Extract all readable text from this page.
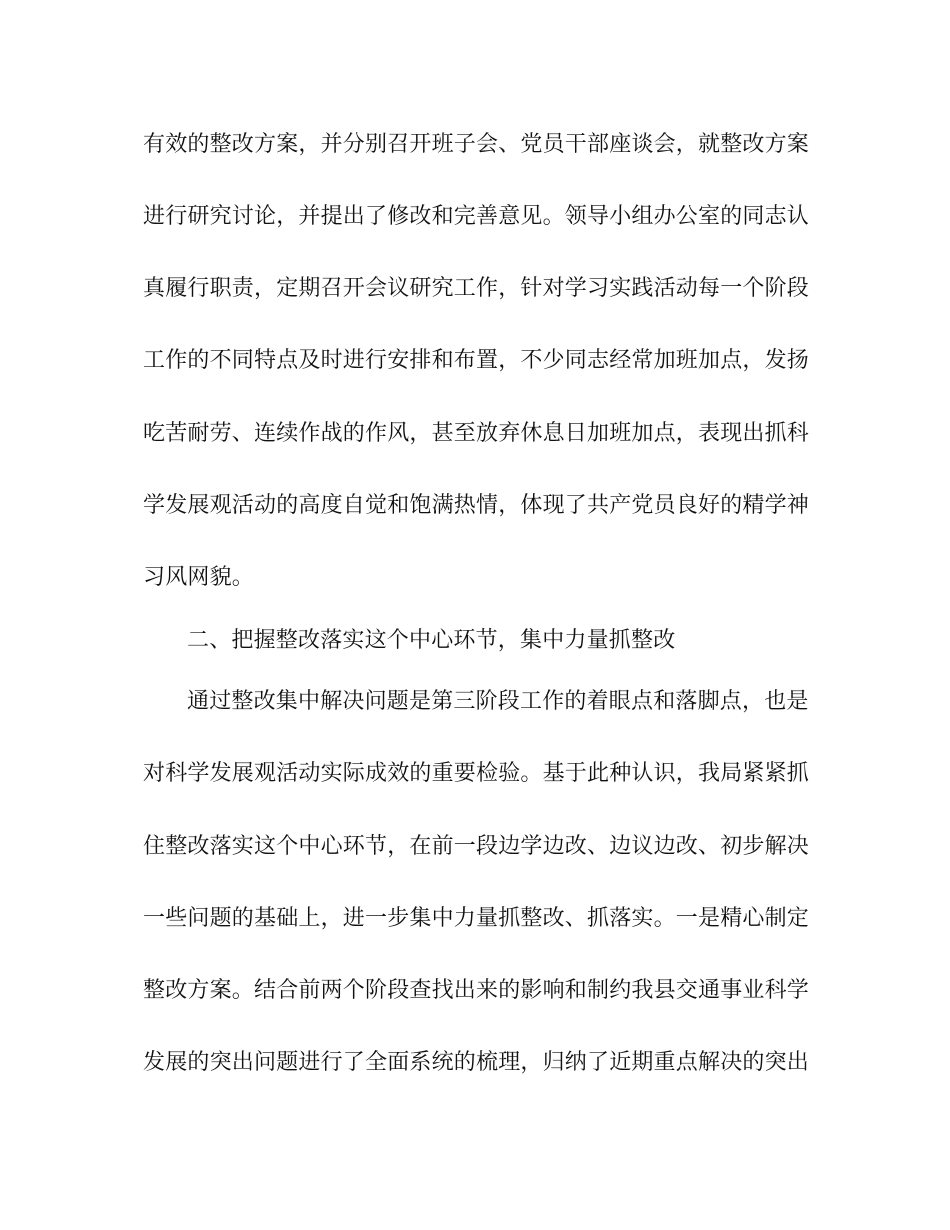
有效的整改方案，并分别召开班子会、党员干部座谈会，就整改方案
进行研究讨论，并提出了修改和完善意见。领导小组办公室的同志认
真履行职责，定期召开会议研究工作，针对学习实践活动每一个阶段
工作的不同特点及时进行安排和布置，不少同志经常加班加点，发扬
吃苦耐劳、连续作战的作风，甚至放弃休息日加班加点，表现出抓科
学发展观活动的高度自觉和饱满热情，体现了共产党员良好的精学神
习风网貌。
二、把握整改落实这个中心环节，集中力量抓整改
通过整改集中解决问题是第三阶段工作的着眼点和落脚点，也是
对科学发展观活动实际成效的重要检验。基于此种认识，我局紧紧抓
住整改落实这个中心环节，在前一段边学边改、边议边改、初步解决
一些问题的基础上，进一步集中力量抓整改、抓落实。一是精心制定
整改方案。结合前两个阶段查找出来的影响和制约我县交通事业科学
发展的突出问题进行了全面系统的梳理，归纳了近期重点解决的突出
